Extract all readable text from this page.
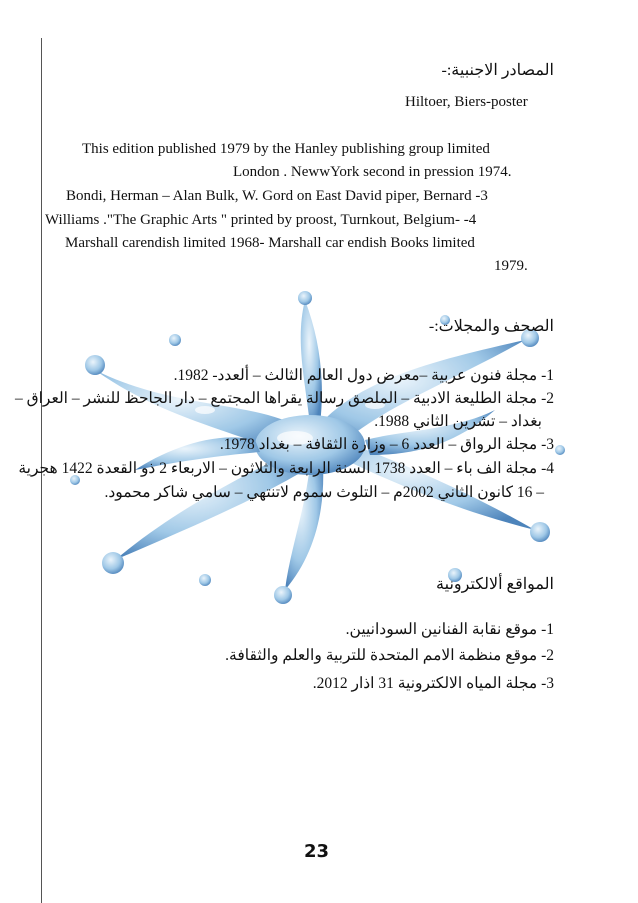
المصادر الاجنبية:-
Hiltoer, Biers-poster
This edition published 1979 by the Hanley publishing group limited
London . NewwYork second in pression 1974.
Bondi, Herman – Alan Bulk, W. Gord on East David piper, Bernard -3
Williams ."The Graphic Arts " printed by proost, Turnkout, Belgium- -4
Marshall carendish limited 1968- Marshall car endish Books limited
1979.
الصحف والمجلات:-
1- مجلة فنون عربية –معرض دول العالم الثالث – ألعدد- 1982.
2- مجلة الطليعة الادبية – الملصق رسالة يقراها المجتمع – دار الجاحظ للنشر – العراق –
بغداد – تشرين الثاني 1988.
3- مجلة الرواق – العدد 6 – وزارة الثقافة – بغداد 1978.
4- مجلة الف باء – العدد 1738 السنة الرابعة والثلاثون – الاربعاء 2 ذو القعدة 1422 هجرية
– 16 كانون الثاني 2002م – التلوث سموم لاتنتهي – سامي شاكر محمود.
المواقع ألالكترونية
1- موقع نقابة الفنانين السودانيين.
2- موقع منظمة الامم المتحدة للتربية والعلم والثقافة.
3- مجلة المياه الالكترونية 31 اذار 2012.
23
